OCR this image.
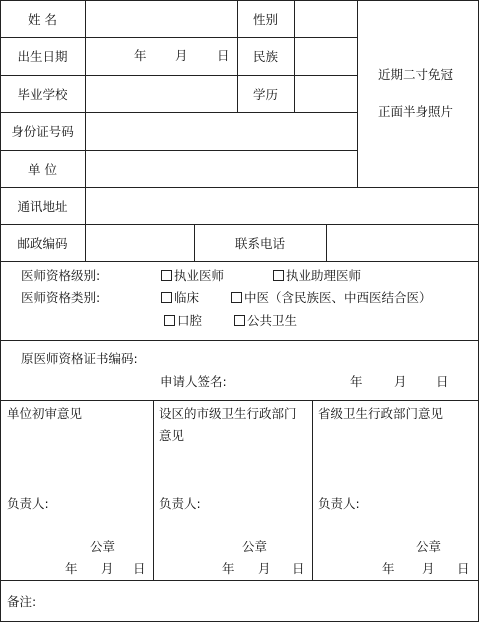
姓 名	性别
出生日期	年 月 日	民族
毕业学校	学历
身份证号码
单 位
近期二寸免冠
正面半身照片
通讯地址
邮政编码	联系电话
医师资格级别:	执业医师	执业助理医师
医师资格类别:	临床	中医（含民族医、中西医结合医）
口腔	公共卫生
原医师资格证书编码:
申请人签名:	年	月 日
单位初审意见
负责人:
公章
年 月 日
设区的市级卫生行政部门
意见
负责人:
公章
年 月 日
省级卫生行政部门意见
负责人:
公章
年 月 日
备注:
